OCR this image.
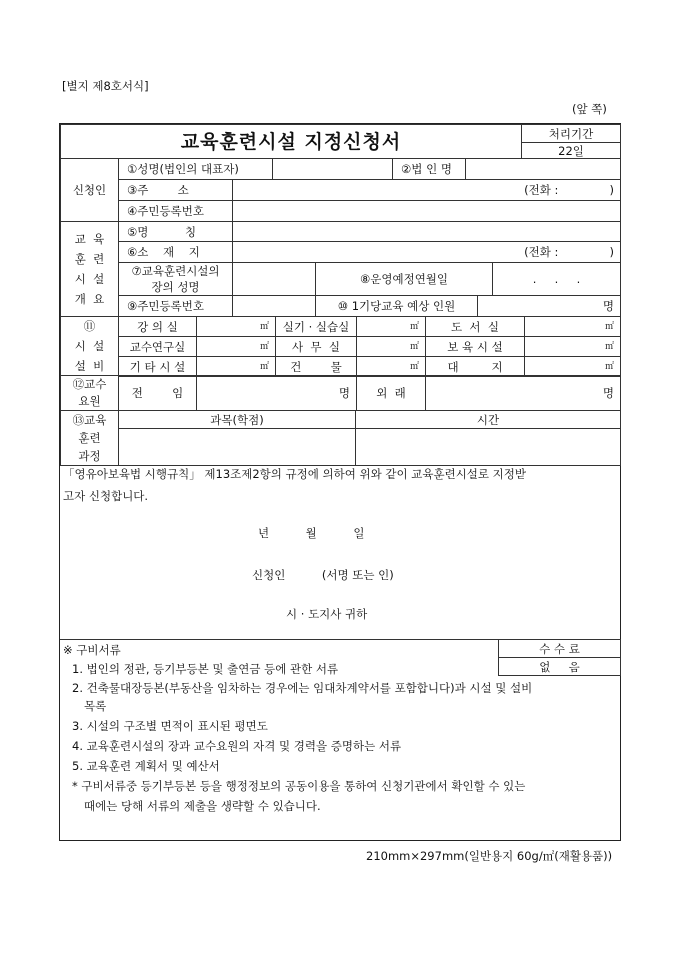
[별지 제8호서식]
(앞 쪽)
교육훈련시설 지정신청서	처리기간
22일
신청인
①성명(법인의 대표자)	②법 인 명
③주        소	(전화 :              )
④주민등록번호
교  육
훈  련
시  설
개  요
⑤명          칭
⑥소    재    지	(전화 :              )
⑦교육훈련시설의
장의 성명
⑧운영예정연월일	.     .     .
⑨주민등록번호	⑩ 1기당교육 예상 인원	명
⑪
시  설
설  비
강 의 실	㎡	실기 · 실습실	㎡	도  서  실	㎡
교수연구실	㎡	사  무  실	㎡	보 육 시 설	㎡
기 타 시 설	㎡	건        물	㎡	대         지	㎡
⑫교수
요원
전        임	명	외  래	명
⑬교육
훈련
과정
과목(학점)	시간
「영유아보육법 시행규칙」 제13조제2항의 규정에 의하여 위와 같이 교육훈련시설로 지정받
고자 신청합니다.
년          월          일
신청인          (서명 또는 인)
시 · 도지사 귀하
※ 구비서류	수 수 료
없     음
1. 법인의 정관, 등기부등본 및 출연금 등에 관한 서류
2. 건축물대장등본(부동산을 임차하는 경우에는 임대차계약서를 포함합니다)과 시설 및 설비
목록
3. 시설의 구조별 면적이 표시된 평면도
4. 교육훈련시설의 장과 교수요원의 자격 및 경력을 증명하는 서류
5. 교육훈련 계획서 및 예산서
* 구비서류중 등기부등본 등을 행정정보의 공동이용을 통하여 신청기관에서 확인할 수 있는
때에는 당해 서류의 제출을 생략할 수 있습니다.
210mm×297mm(일반용지 60g/㎡(재활용품))
